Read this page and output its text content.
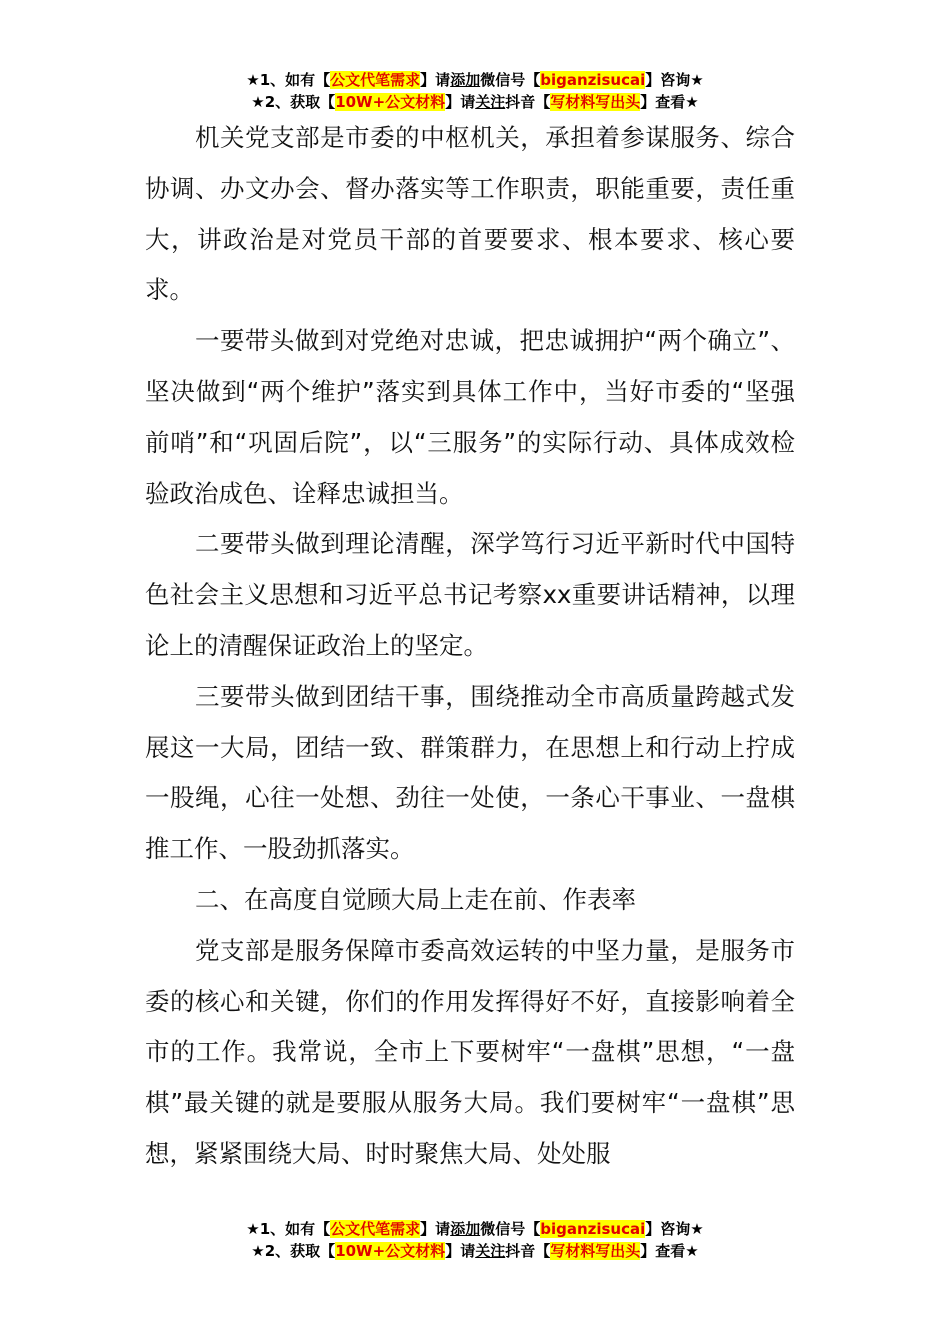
★1、如有【公文代笔需求】请添加微信号【biganzisucai】咨询★
★2、获取【10W+公文材料】请关注抖音【写材料写出头】查看★

机关党支部是市委的中枢机关，承担着参谋服务、综合协调、办文办会、督办落实等工作职责，职能重要，责任重大，讲政治是对党员干部的首要要求、根本要求、核心要求。

一要带头做到对党绝对忠诚，把忠诚拥护“两个确立”、坚决做到“两个维护”落实到具体工作中，当好市委的“坚强前哨”和“巩固后院”，以“三服务”的实际行动、具体成效检验政治成色、诠释忠诚担当。

二要带头做到理论清醒，深学笃行习近平新时代中国特色社会主义思想和习近平总书记考察xx重要讲话精神，以理论上的清醒保证政治上的坚定。

三要带头做到团结干事，围绕推动全市高质量跨越式发展这一大局，团结一致、群策群力，在思想上和行动上拧成一股绳，心往一处想、劲往一处使，一条心干事业、一盘棋推工作、一股劲抓落实。

二、在高度自觉顾大局上走在前、作表率

党支部是服务保障市委高效运转的中坚力量，是服务市委的核心和关键，你们的作用发挥得好不好，直接影响着全市的工作。我常说，全市上下要树牢“一盘棋”思想，“一盘棋”最关键的就是要服从服务大局。我们要树牢“一盘棋”思想，紧紧围绕大局、时时聚焦大局、处处服

★1、如有【公文代笔需求】请添加微信号【biganzisucai】咨询★
★2、获取【10W+公文材料】请关注抖音【写材料写出头】查看★
